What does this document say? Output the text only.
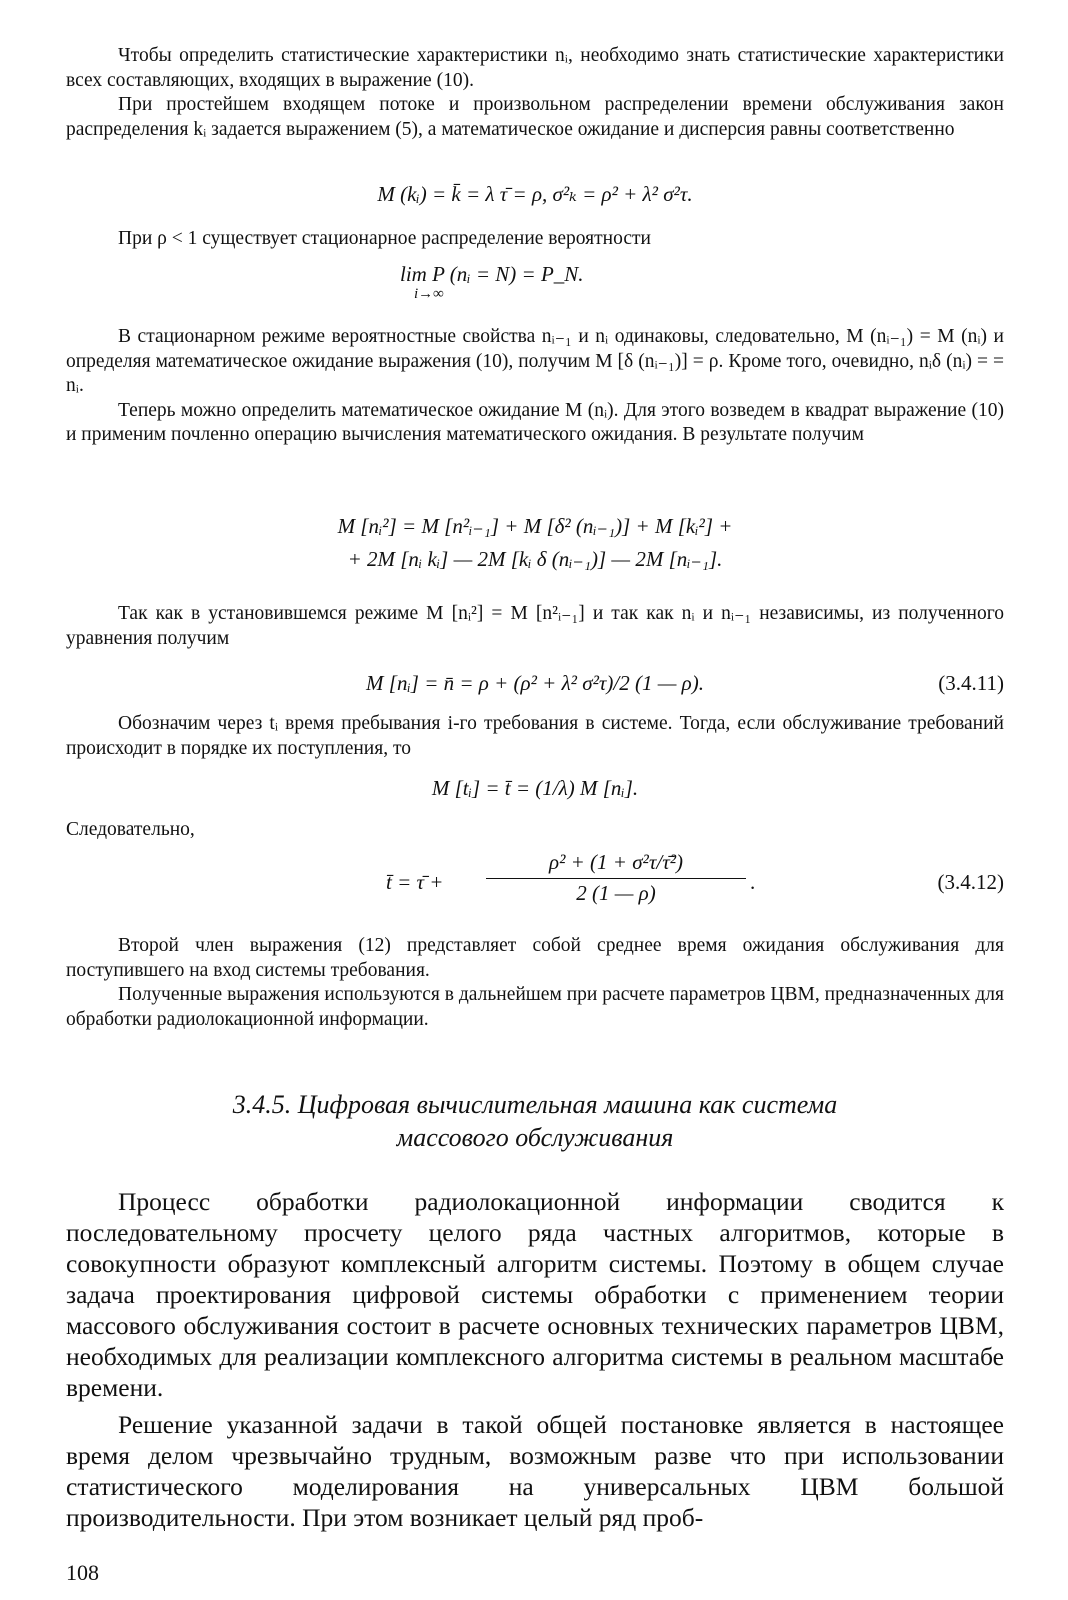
Чтобы определить статистические характеристики nᵢ, необходимо знать статистические характеристики всех составляющих, входящих в выражение (10).

При простейшем входящем потоке и произвольном распределении времени обслуживания закон распределения kᵢ задается выражением (5), а математическое ожидание и дисперсия равны соответственно

M (kᵢ) = k̄ = λ τ̄ = ρ, σ²ₖ = ρ² + λ² σ²τ.

При ρ < 1 существует стационарное распределение вероятности

lim P (nᵢ = N) = P_N.
i→∞

В стационарном режиме вероятностные свойства nᵢ₋₁ и nᵢ одинаковы, следовательно, M (nᵢ₋₁) = M (nᵢ) и определяя математическое ожидание выражения (10), получим M [δ (nᵢ₋₁)] = ρ. Кроме того, очевидно, nᵢδ (nᵢ) = = nᵢ.

Теперь можно определить математическое ожидание M (nᵢ). Для этого возведем в квадрат выражение (10) и применим почленно операцию вычисления математического ожидания. В результате получим

M [nᵢ²] = M [n²ᵢ₋₁] + M [δ² (nᵢ₋₁)] + M [kᵢ²] +
+ 2M [nᵢ kᵢ] — 2M [kᵢ δ (nᵢ₋₁)] — 2M [nᵢ₋₁].

Так как в установившемся режиме M [nᵢ²] = M [n²ᵢ₋₁] и так как nᵢ и nᵢ₋₁ независимы, из полученного уравнения получим

M [nᵢ] = n̄ = ρ + (ρ² + λ² σ²τ)/2 (1 — ρ).	(3.4.11)

Обозначим через tᵢ время пребывания i-го требования в системе. Тогда, если обслуживание требований происходит в порядке их поступления, то

M [tᵢ] = t̄ = (1/λ) M [nᵢ].

Следовательно,

t̄ = τ̄ +
ρ² + (1 + σ²τ/τ̄²)
2 (1 — ρ)	.	(3.4.12)

Второй член выражения (12) представляет собой среднее время ожидания обслуживания для поступившего на вход системы требования.

Полученные выражения используются в дальнейшем при расчете параметров ЦВМ, предназначенных для обработки радиолокационной информации.

3.4.5. Цифровая вычислительная машина как система
массового обслуживания

Процесс обработки радиолокационной информации сводится к последовательному просчету целого ряда частных алгоритмов, которые в совокупности образуют комплексный алгоритм системы. Поэтому в общем случае задача проектирования цифровой системы обработки с применением теории массового обслуживания состоит в расчете основных технических параметров ЦВМ, необходимых для реализации комплексного алгоритма системы в реальном масштабе времени.

Решение указанной задачи в такой общей постановке является в настоящее время делом чрезвычайно трудным, возможным разве что при использовании статистического моделирования на универсальных ЦВМ большой производительности. При этом возникает целый ряд проб-

108
